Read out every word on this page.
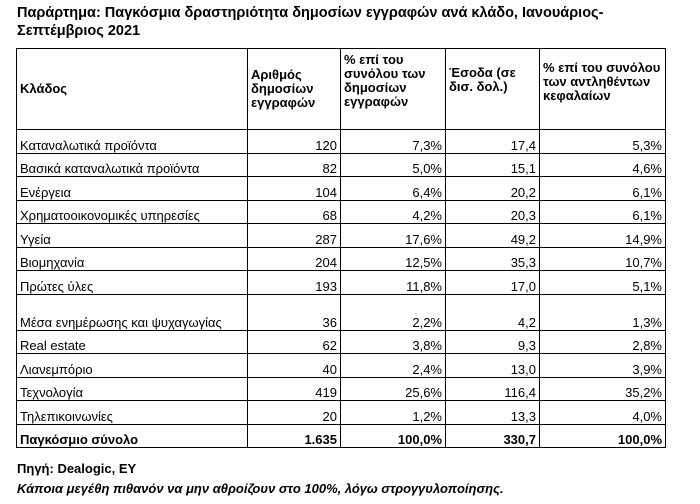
Παράρτημα: Παγκόσμια δραστηριότητα δημοσίων εγγραφών ανά κλάδο, Ιανουάριος-Σεπτέμβριος 2021
Κλάδος	Αριθμός δημοσίων εγγραφών	% επί του συνόλου των δημοσίων εγγραφών	Έσοδα (σε δισ. δολ.)	% επί του συνόλου των αντληθέντων κεφαλαίων

Καταναλωτικά προϊόντα	120	7,3%	17,4	5,3%
Βασικά καταναλωτικά προϊόντα	82	5,0%	15,1	4,6%
Ενέργεια	104	6,4%	20,2	6,1%
Χρηματοοικονομικές υπηρεσίες	68	4,2%	20,3	6,1%
Υγεία	287	17,6%	49,2	14,9%
Βιομηχανία	204	12,5%	35,3	10,7%
Πρώτες ύλες	193	11,8%	17,0	5,1%
Μέσα ενημέρωσης και ψυχαγωγίας	36	2,2%	4,2	1,3%
Real estate	62	3,8%	9,3	2,8%
Λιανεμπόριο	40	2,4%	13,0	3,9%
Τεχνολογία	419	25,6%	116,4	35,2%
Τηλεπικοινωνίες	20	1,2%	13,3	4,0%
Παγκόσμιο σύνολο	1.635	100,0%	330,7	100,0%
Πηγή: Dealogic, EY
Κάποια μεγέθη πιθανόν να μην αθροίζουν στο 100%, λόγω στρογγυλοποίησης.
